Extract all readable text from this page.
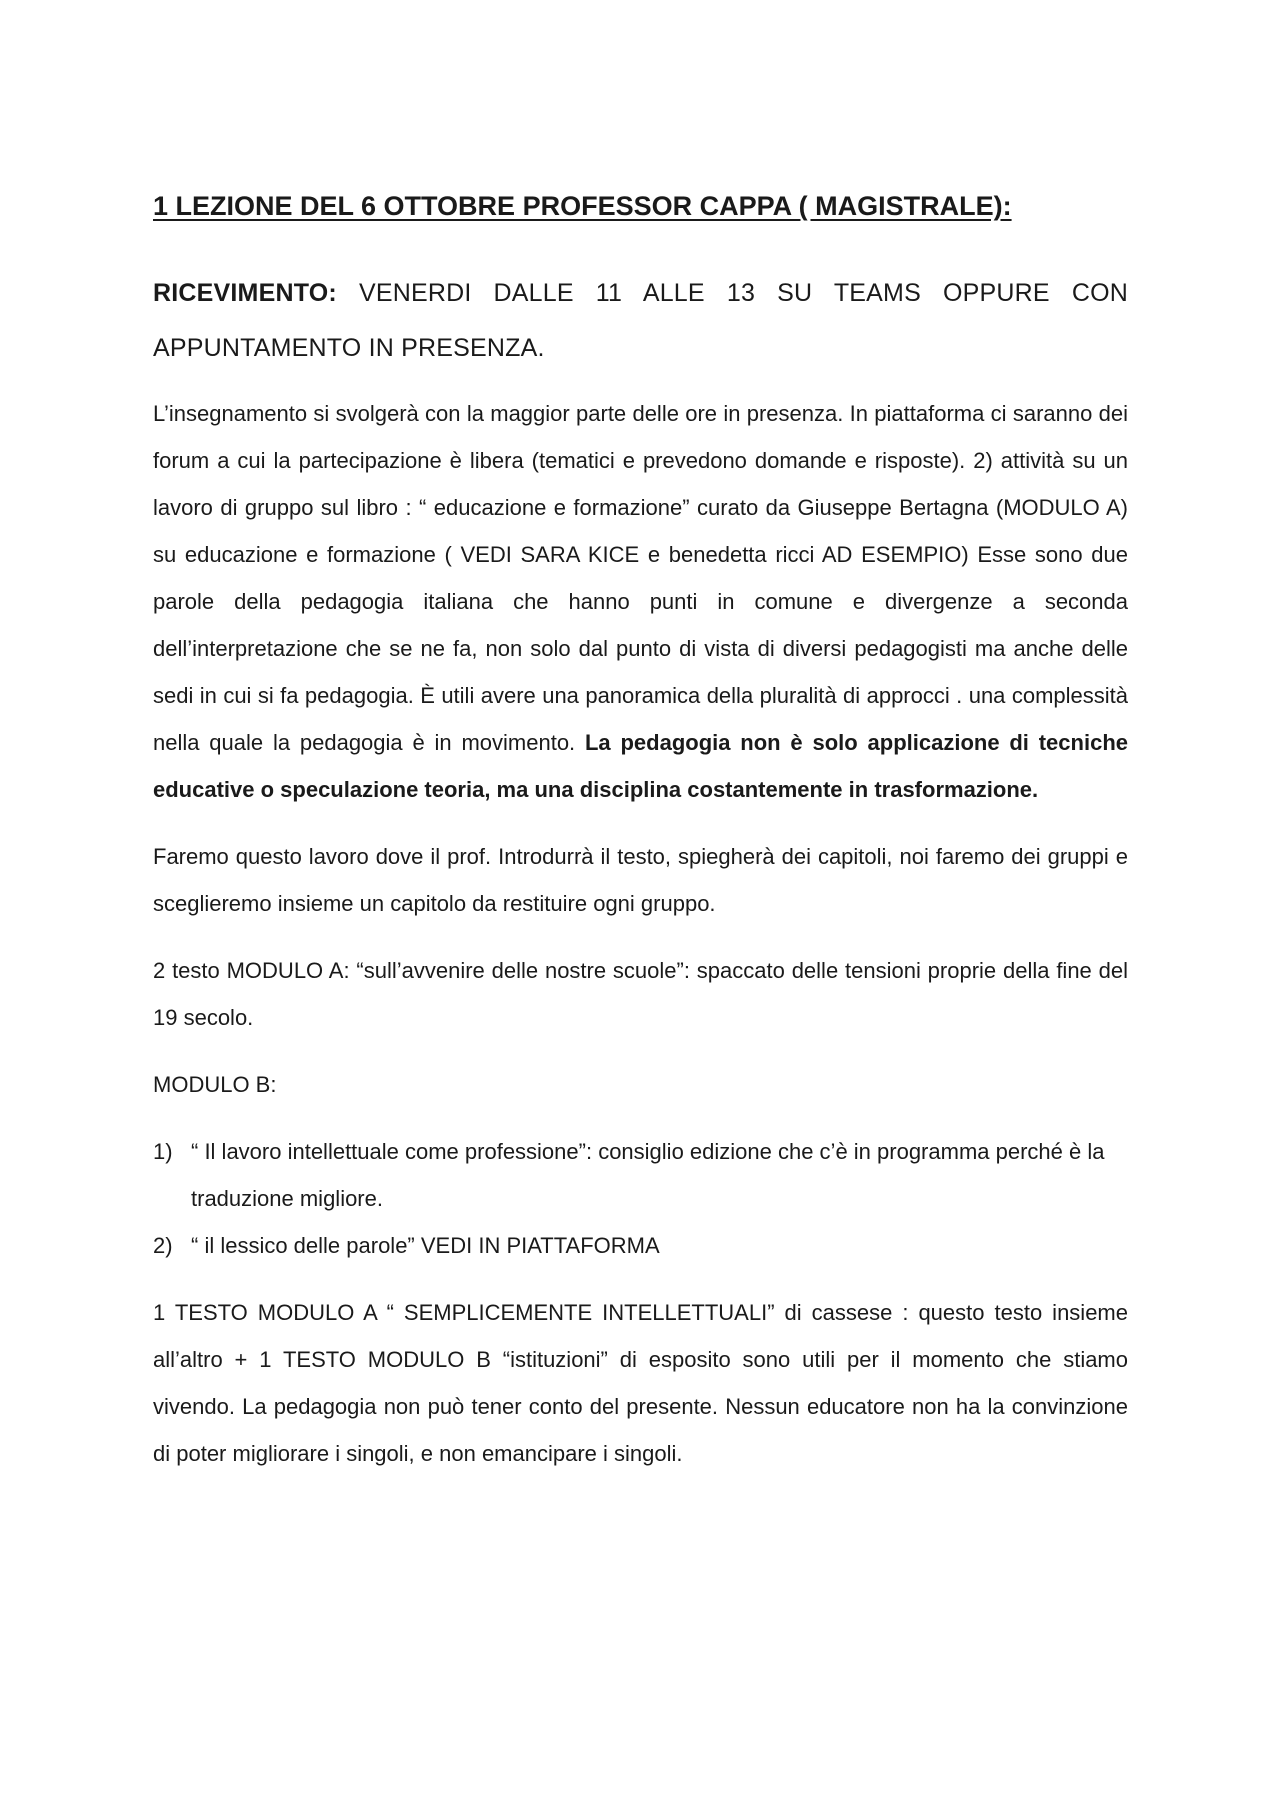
1 LEZIONE DEL 6 OTTOBRE PROFESSOR CAPPA ( MAGISTRALE):

RICEVIMENTO: VENERDI DALLE 11 ALLE 13 SU TEAMS OPPURE CON APPUNTAMENTO IN PRESENZA.

L’insegnamento si svolgerà con la maggior parte delle ore in presenza. In piattaforma ci saranno dei forum a cui la partecipazione è libera (tematici e prevedono domande e risposte). 2) attività su un lavoro di gruppo sul libro : “ educazione e formazione” curato da Giuseppe Bertagna (MODULO A) su educazione e formazione ( VEDI SARA KICE e benedetta ricci AD ESEMPIO) Esse sono due parole della pedagogia italiana che hanno punti in comune e divergenze a seconda dell’interpretazione che se ne fa, non solo dal punto di vista di diversi pedagogisti ma anche delle sedi in cui si fa pedagogia. È utili avere una panoramica della pluralità di approcci . una complessità nella quale la pedagogia è in movimento. La pedagogia non è solo applicazione di tecniche educative o speculazione teoria, ma una disciplina costantemente in trasformazione.

Faremo questo lavoro dove il prof. Introdurrà il testo, spiegherà dei capitoli, noi faremo dei gruppi e sceglieremo insieme un capitolo da restituire ogni gruppo.

2 testo MODULO A: “sull’avvenire delle nostre scuole”: spaccato delle tensioni proprie della fine del 19 secolo.

MODULO B:

1) “ Il lavoro intellettuale come professione”: consiglio edizione che c’è in programma perché è la traduzione migliore.
2) “ il lessico delle parole” VEDI IN PIATTAFORMA

1 TESTO MODULO A “ SEMPLICEMENTE INTELLETTUALI” di cassese : questo testo insieme all’altro + 1 TESTO MODULO B “istituzioni” di esposito sono utili per il momento che stiamo vivendo. La pedagogia non può tener conto del presente. Nessun educatore non ha la convinzione di poter migliorare i singoli, e non emancipare i singoli.
